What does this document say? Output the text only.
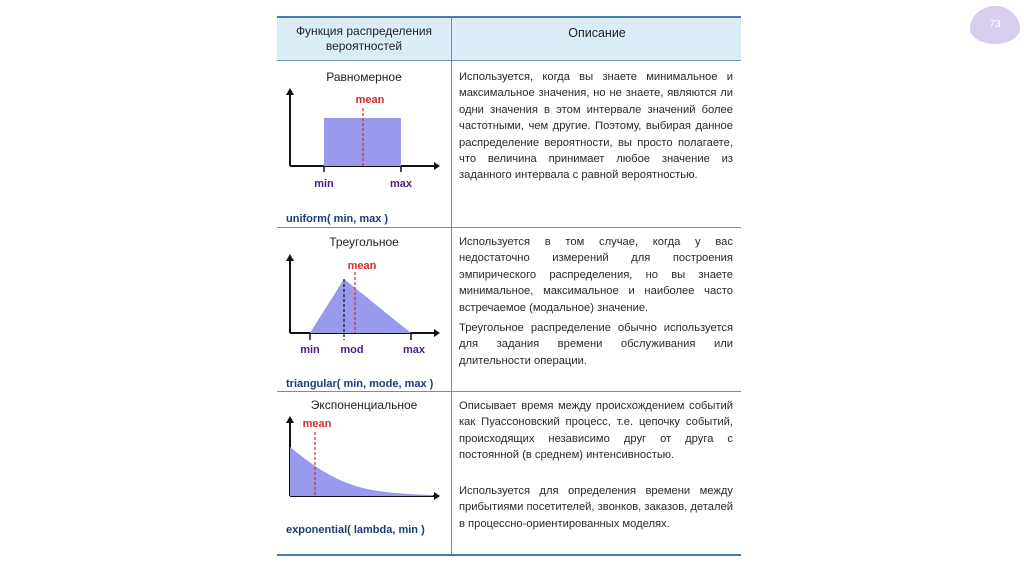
73
Функция распределения вероятностей
Описание
Равномерное
mean
min	max
uniform( min, max )

Используется, когда вы знаете минимальное и максимальное значения, но не знаете, являются ли одни значения в этом интервале значений более частотными, чем другие. Поэтому, выбирая данное распределение вероятности, вы просто полагаете, что величина принимает любое значение из заданного интервала с равной вероятностью.

Треугольное
mean
min mod	max
triangular( min, mode, max )

Используется в том случае, когда у вас недостаточно измерений для построения эмпирического распределения, но вы знаете минимальное, максимальное и наиболее часто встречаемое (модальное) значение.

Треугольное распределение обычно используется для задания времени обслуживания или длительности операции.

Экспоненциальное
mean
exponential( lambda, min )

Описывает время между происхождением событий как Пуассоновский процесс, т.е. цепочку событий, происходящих независимо друг от друга с постоянной (в среднем) интенсивностью.

Используется для определения времени между прибытиями посетителей, звонков, заказов, деталей в процессно-ориентированных моделях.
